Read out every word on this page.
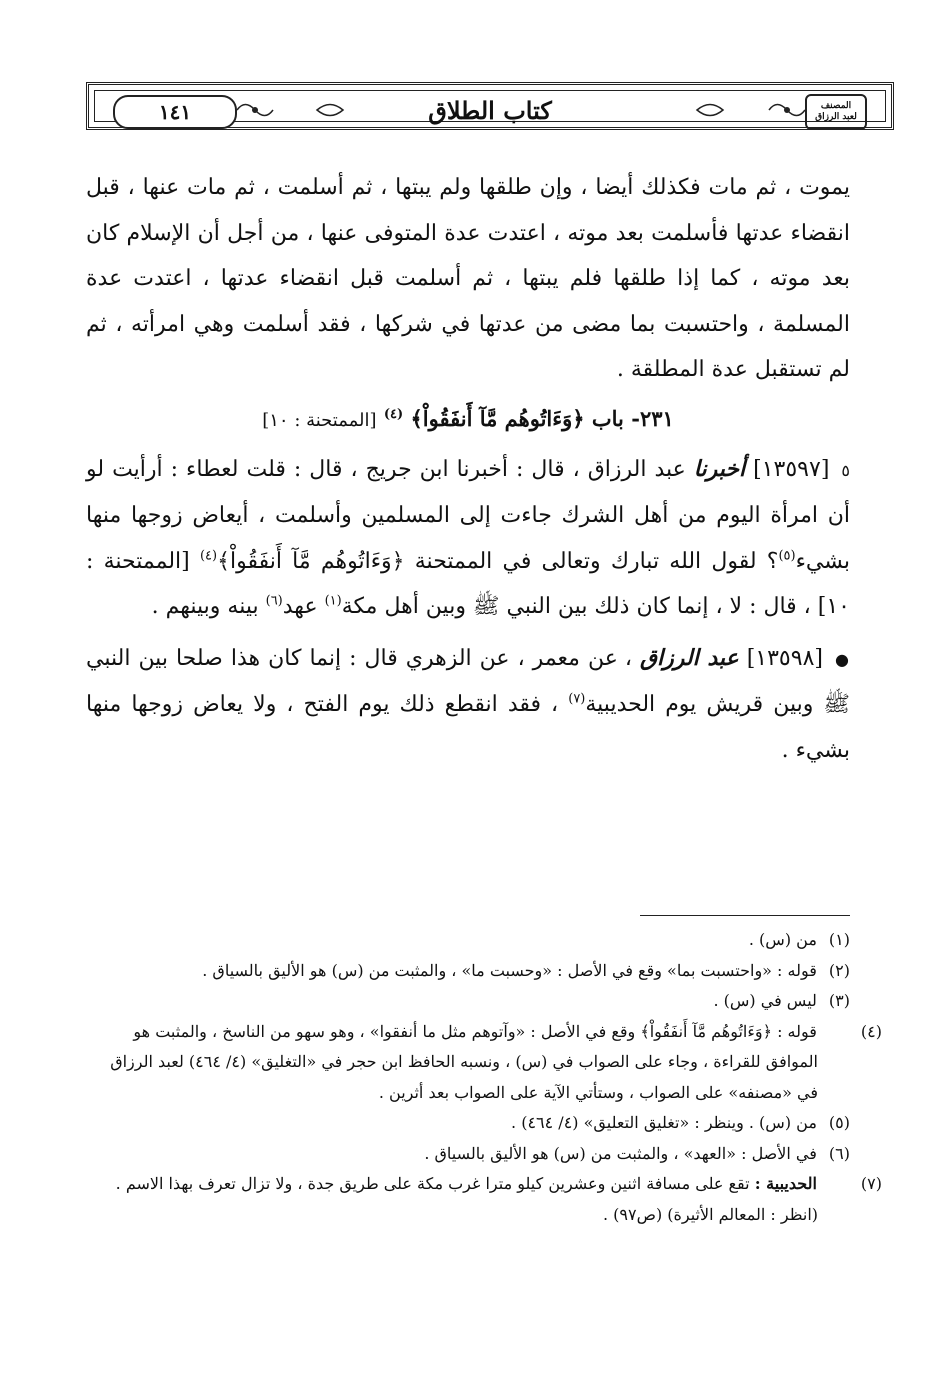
المصنف
لعبد الرزاق
كتاب الطلاق
١٤١

يموت ، ثم مات فكذلك أيضا ، وإن طلقها ولم يبتها ، ثم أسلمت ، ثم مات عنها ، قبل انقضاء عدتها فأسلمت بعد موته ، اعتدت عدة المتوفى عنها ، من أجل أن الإسلام كان بعد موته ، كما إذا طلقها فلم يبتها ، ثم أسلمت قبل انقضاء عدتها ، اعتدت عدة المسلمة ، واحتسبت بما مضى من عدتها في شركها ، فقد أسلمت وهي امرأته ، ثم لم تستقبل عدة المطلقة .

٢٣١- باب ﴿وَءَاتُوهُم مَّآ أَنفَقُواْ﴾ $^{(٤)}$ [الممتحنة : ١٠]

٥ [١٣٥٩٧] أخبرنا عبد الرزاق ، قال : أخبرنا ابن جريج ، قال : قلت لعطاء : أرأيت لو أن امرأة اليوم من أهل الشرك جاءت إلى المسلمين وأسلمت ، أيعاض زوجها منها بشيء$^{(٥)}$؟ لقول الله تبارك وتعالى في الممتحنة ﴿وَءَاتُوهُم مَّآ أَنفَقُواْ﴾$^{(٤)}$ [الممتحنة : ١٠] ، قال : لا ، إنما كان ذلك بين النبي ﷺ وبين أهل مكة$^{(١)}$ عهد$^{(٦)}$ بينه وبينهم .

● [١٣٥٩٨] عبد الرزاق ، عن معمر ، عن الزهري قال : إنما كان هذا صلحا بين النبي ﷺ وبين قريش يوم الحديبية$^{(٧)}$ ، فقد انقطع ذلك يوم الفتح ، ولا يعاض زوجها منها بشيء .

(١) من (س) .

(٢) قوله : «واحتسبت بما» وقع في الأصل : «وحسبت ما» ، والمثبت من (س) هو الأليق بالسياق .

(٣) ليس في (س) .

(٤) قوله : ﴿وَءَاتُوهُم مَّآ أَنفَقُواْ﴾ وقع في الأصل : «وآتوهم مثل ما أنفقوا» ، وهو سهو من الناسخ ، والمثبت هو الموافق للقراءة ، وجاء على الصواب في (س) ، ونسبه الحافظ ابن حجر في «التغليق» (٤/ ٤٦٤) لعبد الرزاق في «مصنفه» على الصواب ، وستأتي الآية على الصواب بعد أثرين .

(٥) من (س) . وينظر : «تغليق التعليق» (٤/ ٤٦٤) .

(٦) في الأصل : «العهد» ، والمثبت من (س) هو الأليق بالسياق .

(٧) الحديبية : تقع على مسافة اثنين وعشرين كيلو مترا غرب مكة على طريق جدة ، ولا تزال تعرف بهذا الاسم . (انظر : المعالم الأثيرة) (ص٩٧) .
